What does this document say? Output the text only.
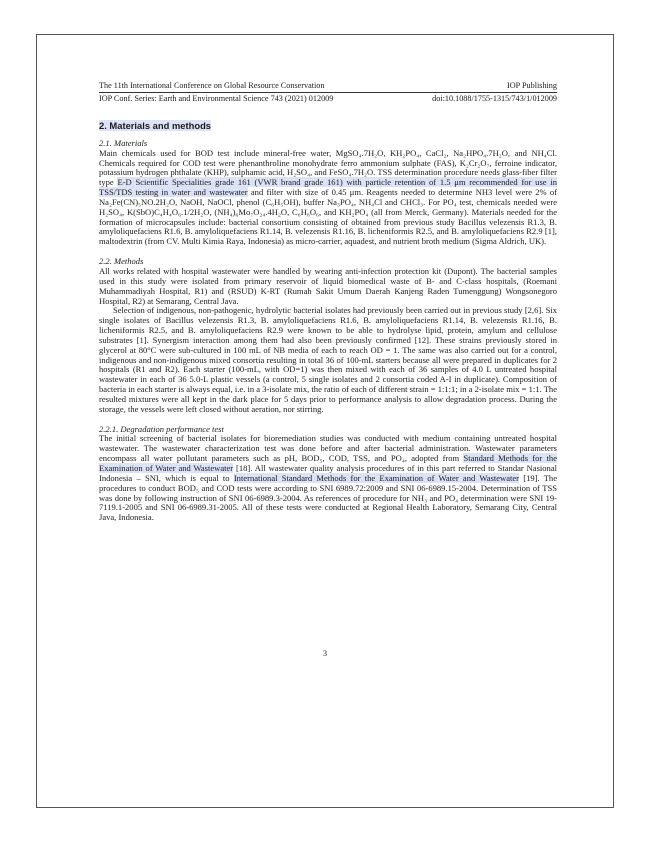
The 11th International Conference on Global Resource Conservation	IOP Publishing
IOP Conf. Series: Earth and Environmental Science 743 (2021) 012009	doi:10.1088/1755-1315/743/1/012009
2. Materials and methods

2.1. Materials

Main chemicals used for BOD test include mineral-free water, MgSO₄.7H₂O, KH₂PO₄, CaCl₂, Na₂HPO₄.7H₂O, and NH₄Cl. Chemicals required for COD test were phenanthroline monohydrate ferro ammonium sulphate (FAS), K₂Cr₂O₇, ferroine indicator, potassium hydrogen phthalate (KHP), sulphamic acid, H₂SO₄, and FeSO₄.7H₂O. TSS determination procedure needs glass-fiber filter type E-D Scientific Specialities grade 161 (VWR brand grade 161) with particle retention of 1.5 μm recommended for use in TSS/TDS testing in water and wastewater and filter with size of 0.45 μm. Reagents needed to determine NH3 level were 2% of Na₂Fe(CN)₅NO.2H₂O, NaOH, NaOCl, phenol (C₆H₅OH), buffer Na₃PO₄, NH₄Cl and CHCl₃. For PO₄ test, chemicals needed were H₂SO₄, K(SbO)C₄H₄O₆.1/2H₂O, (NH₄)₆Mo₇O₂₄.4H₂O, C₆H₈O₆, and KH₂PO₄ (all from Merck, Germany). Materials needed for the formation of microcapsules include: bacterial consortium consisting of obtained from previous study Bacillus velezensis R1.3, B. amyloliquefaciens R1.6, B. amyloliquefaciens R1.14, B. velezensis R1.16, B. licheniformis R2.5, and B. amyloliquefaciens R2.9 [1], maltodextrin (from CV. Multi Kimia Raya, Indonesia) as micro-carrier, aquadest, and nutrient broth medium (Sigma Aldrich, UK).

2.2. Methods

All works related with hospital wastewater were handled by wearing anti-infection protection kit (Dupont). The bacterial samples used in this study were isolated from primary reservoir of liquid biomedical waste of B- and C-class hospitals, (Roemani Muhammadiyah Hospital, R1) and (RSUD) K-RT (Rumah Sakit Umum Daerah Kanjeng Raden Tumenggung) Wongsonegoro Hospital, R2) at Semarang, Central Java.

Selection of indigenous, non-pathogenic, hydrolytic bacterial isolates had previously been carried out in previous study [2,6]. Six single isolates of Bacillus velezensis R1.3, B. amyloliquefaciens R1.6, B. amyloliquefaciens R1.14, B. velezensis R1.16, B. licheniformis R2.5, and B. amyloliquefaciens R2.9 were known to be able to hydrolyse lipid, protein, amylum and cellulose substrates [1]. Synergism interaction among them had also been previously confirmed [12]. These strains previously stored in glycerol at 80°C were sub-cultured in 100 mL of NB media of each to reach OD = 1. The same was also carried out for a control, indigenous and non-indigenous mixed consortia resulting in total 36 of 100-mL starters because all were prepared in duplicates for 2 hospitals (R1 and R2). Each starter (100-mL, with OD=1) was then mixed with each of 36 samples of 4.0 L untreated hospital wastewater in each of 36 5.0-L plastic vessels (a control, 5 single isolates and 2 consortia coded A-I in duplicate). Composition of bacteria in each starter is always equal, i.e. in a 3-isolate mix, the ratio of each of different strain = 1:1:1; in a 2-isolate mix = 1:1. The resulted mixtures were all kept in the dark place for 5 days prior to performance analysis to allow degradation process. During the storage, the vessels were left closed without aeration, nor stirring.

2.2.1. Degradation performance test

The initial screening of bacterial isolates for bioremediation studies was conducted with medium containing untreated hospital wastewater. The wastewater characterization test was done before and after bacterial administration. Wastewater parameters encompass all water pollutant parameters such as pH, BOD₅, COD, TSS, and PO₄, adopted from Standard Methods for the Examination of Water and Wastewater [18]. All wastewater quality analysis procedures of in this part referred to Standar Nasional Indonesia – SNI, which is equal to International Standard Methods for the Examination of Water and Wastewater [19]. The procedures to conduct BOD₅ and COD tests were according to SNI 6989.72:2009 and SNI 06-6989.15-2004. Determination of TSS was done by following instruction of SNI 06-6989.3-2004. As references of procedure for NH₃ and PO₄ determination were SNI 19-7119.1-2005 and SNI 06-6989.31-2005. All of these tests were conducted at Regional Health Laboratory, Semarang City, Central Java, Indonesia.

3
